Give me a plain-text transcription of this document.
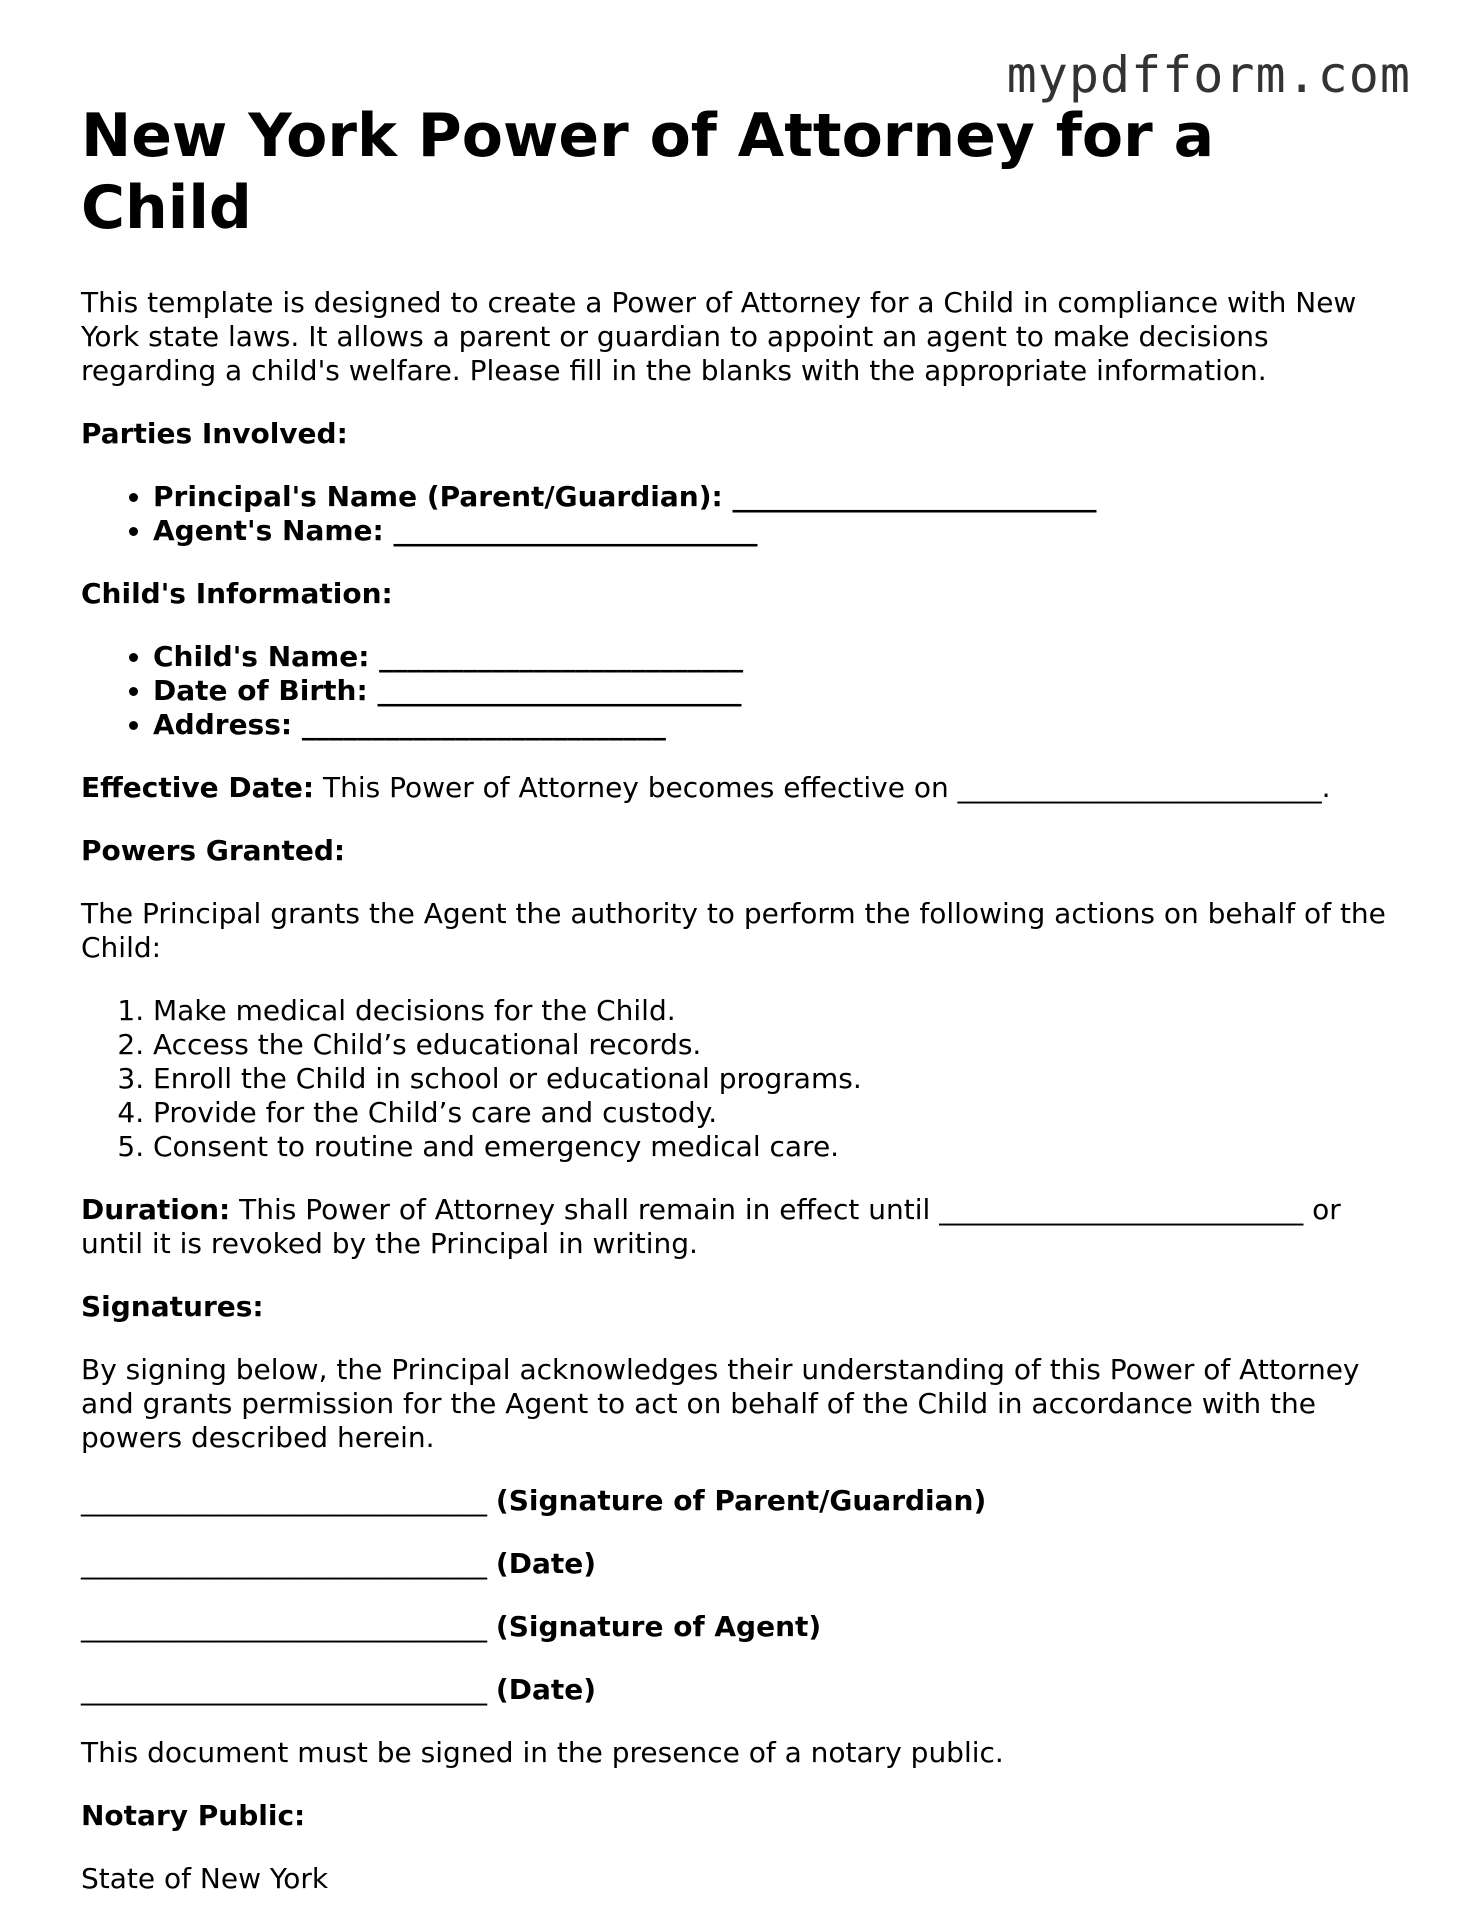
mypdfform.com
New York Power of Attorney for a Child

This template is designed to create a Power of Attorney for a Child in compliance with New York state laws. It allows a parent or guardian to appoint an agent to make decisions regarding a child's welfare. Please fill in the blanks with the appropriate information.

Parties Involved:

• Principal's Name (Parent/Guardian): __________________________
• Agent's Name: __________________________

Child's Information:

• Child's Name: __________________________
• Date of Birth: __________________________
• Address: __________________________

Effective Date: This Power of Attorney becomes effective on __________________________.

Powers Granted:

The Principal grants the Agent the authority to perform the following actions on behalf of the Child:

1. Make medical decisions for the Child.
2. Access the Child’s educational records.
3. Enroll the Child in school or educational programs.
4. Provide for the Child’s care and custody.
5. Consent to routine and emergency medical care.

Duration: This Power of Attorney shall remain in effect until __________________________ or until it is revoked by the Principal in writing.

Signatures:

By signing below, the Principal acknowledges their understanding of this Power of Attorney and grants permission for the Agent to act on behalf of the Child in accordance with the powers described herein.

_____________________________ (Signature of Parent/Guardian)
_____________________________ (Date)
_____________________________ (Signature of Agent)
_____________________________ (Date)

This document must be signed in the presence of a notary public.

Notary Public:

State of New York
